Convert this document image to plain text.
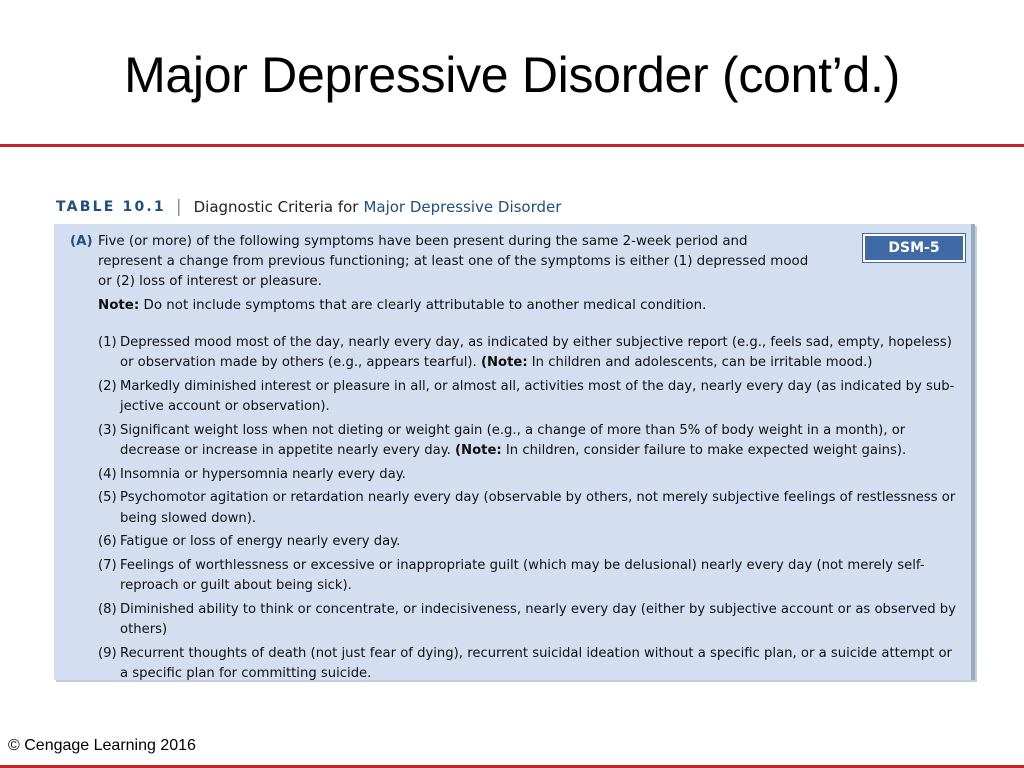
Major Depressive Disorder (cont’d.)
TABLE 10.1 | Diagnostic Criteria for Major Depressive Disorder
DSM-5
(A) Five (or more) of the following symptoms have been present during the same 2-week period and represent a change from previous functioning; at least one of the symptoms is either (1) depressed mood or (2) loss of interest or pleasure.
Note: Do not include symptoms that are clearly attributable to another medical condition.
(1) Depressed mood most of the day, nearly every day, as indicated by either subjective report (e.g., feels sad, empty, hopeless) or observation made by others (e.g., appears tearful). (Note: In children and adolescents, can be irritable mood.)
(2) Markedly diminished interest or pleasure in all, or almost all, activities most of the day, nearly every day (as indicated by sub-jective account or observation).
(3) Significant weight loss when not dieting or weight gain (e.g., a change of more than 5% of body weight in a month), or decrease or increase in appetite nearly every day. (Note: In children, consider failure to make expected weight gains).
(4) Insomnia or hypersomnia nearly every day.
(5) Psychomotor agitation or retardation nearly every day (observable by others, not merely subjective feelings of restlessness or being slowed down).
(6) Fatigue or loss of energy nearly every day.
(7) Feelings of worthlessness or excessive or inappropriate guilt (which may be delusional) nearly every day (not merely self-reproach or guilt about being sick).
(8) Diminished ability to think or concentrate, or indecisiveness, nearly every day (either by subjective account or as observed by others)
(9) Recurrent thoughts of death (not just fear of dying), recurrent suicidal ideation without a specific plan, or a suicide attempt or a specific plan for committing suicide.
© Cengage Learning 2016
